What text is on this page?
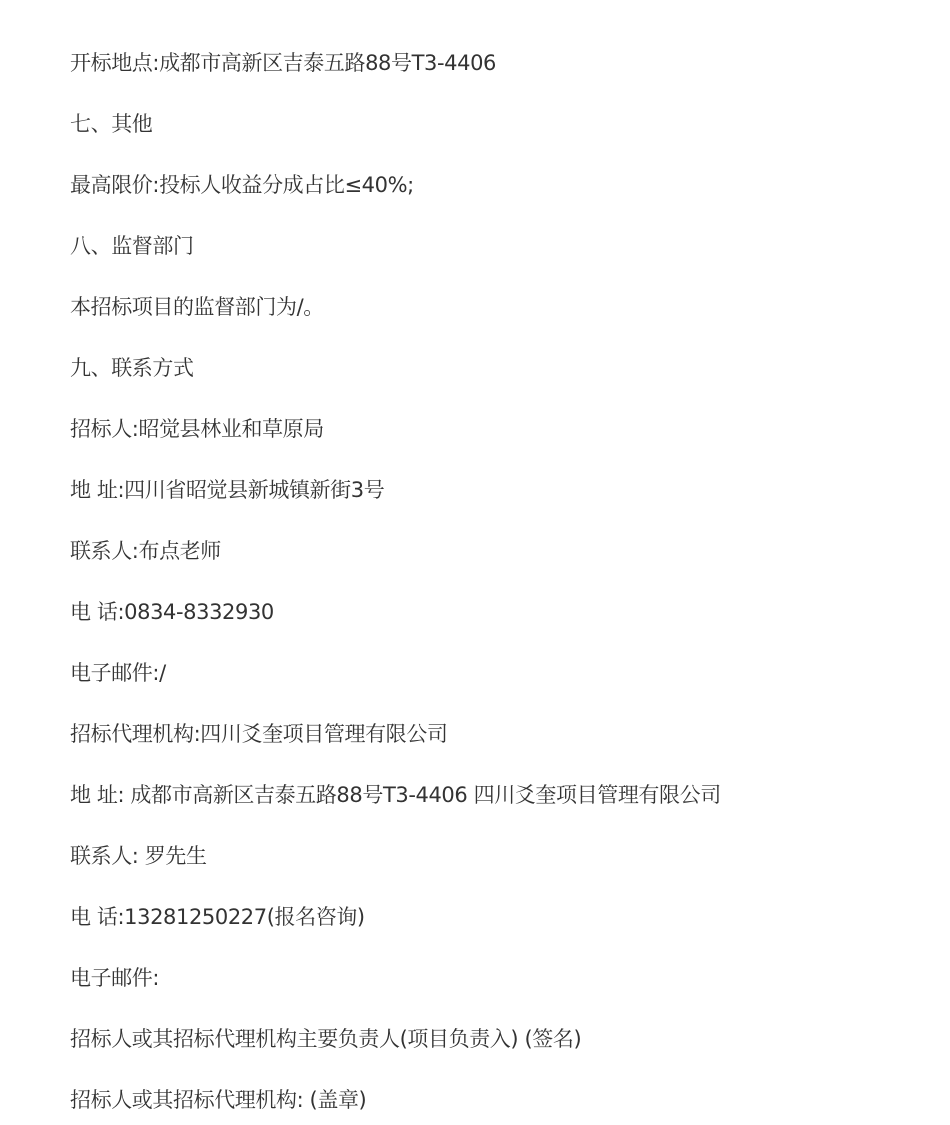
开标地点:成都市高新区吉泰五路88号T3-4406
七、其他
最高限价:投标人收益分成占比≤40%;
八、监督部门
本招标项目的监督部门为/。
九、联系方式
招标人:昭觉县林业和草原局
地 址:四川省昭觉县新城镇新街3号
联系人:布点老师
电 话:0834-8332930
电子邮件:/
招标代理机构:四川爻奎项目管理有限公司
地 址: 成都市高新区吉泰五路88号T3-4406 四川爻奎项目管理有限公司
联系人: 罗先生
电 话:13281250227(报名咨询)
电子邮件:
招标人或其招标代理机构主要负责人(项目负责入) (签名)
招标人或其招标代理机构: (盖章)
